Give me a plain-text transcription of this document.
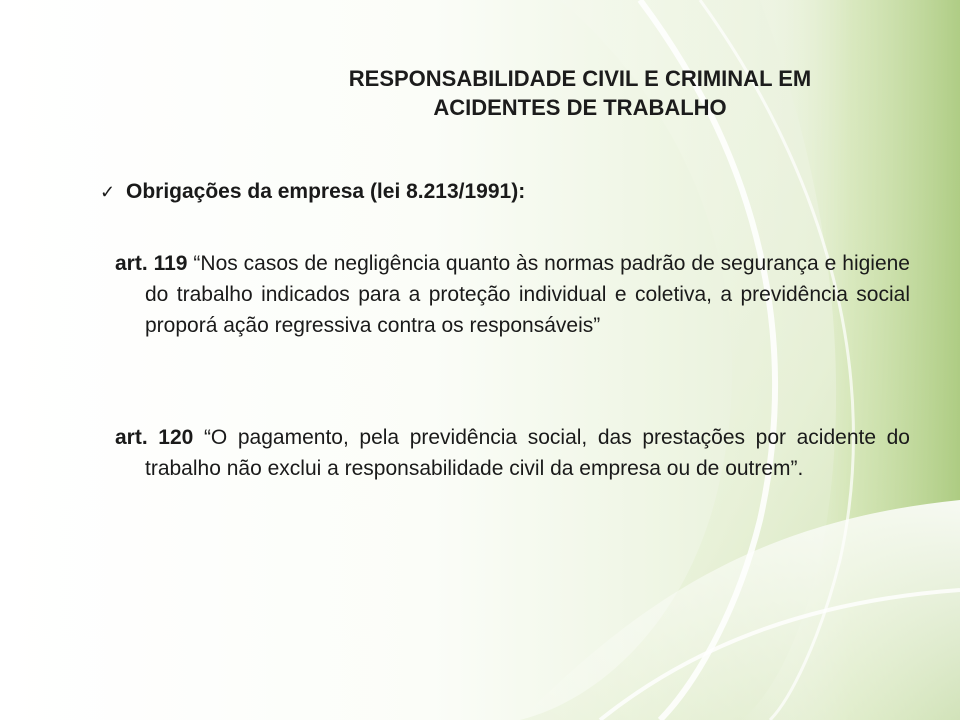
RESPONSABILIDADE CIVIL E CRIMINAL EM
ACIDENTES DE TRABALHO
✓ Obrigações da empresa (lei 8.213/1991):

art. 119 “Nos casos de negligência quanto às normas padrão de segurança e higiene do trabalho indicados para a proteção individual e coletiva, a previdência social proporá ação regressiva contra os responsáveis”

art. 120 “O pagamento, pela previdência social, das prestações por acidente do trabalho não exclui a responsabilidade civil da empresa ou de outrem”.
